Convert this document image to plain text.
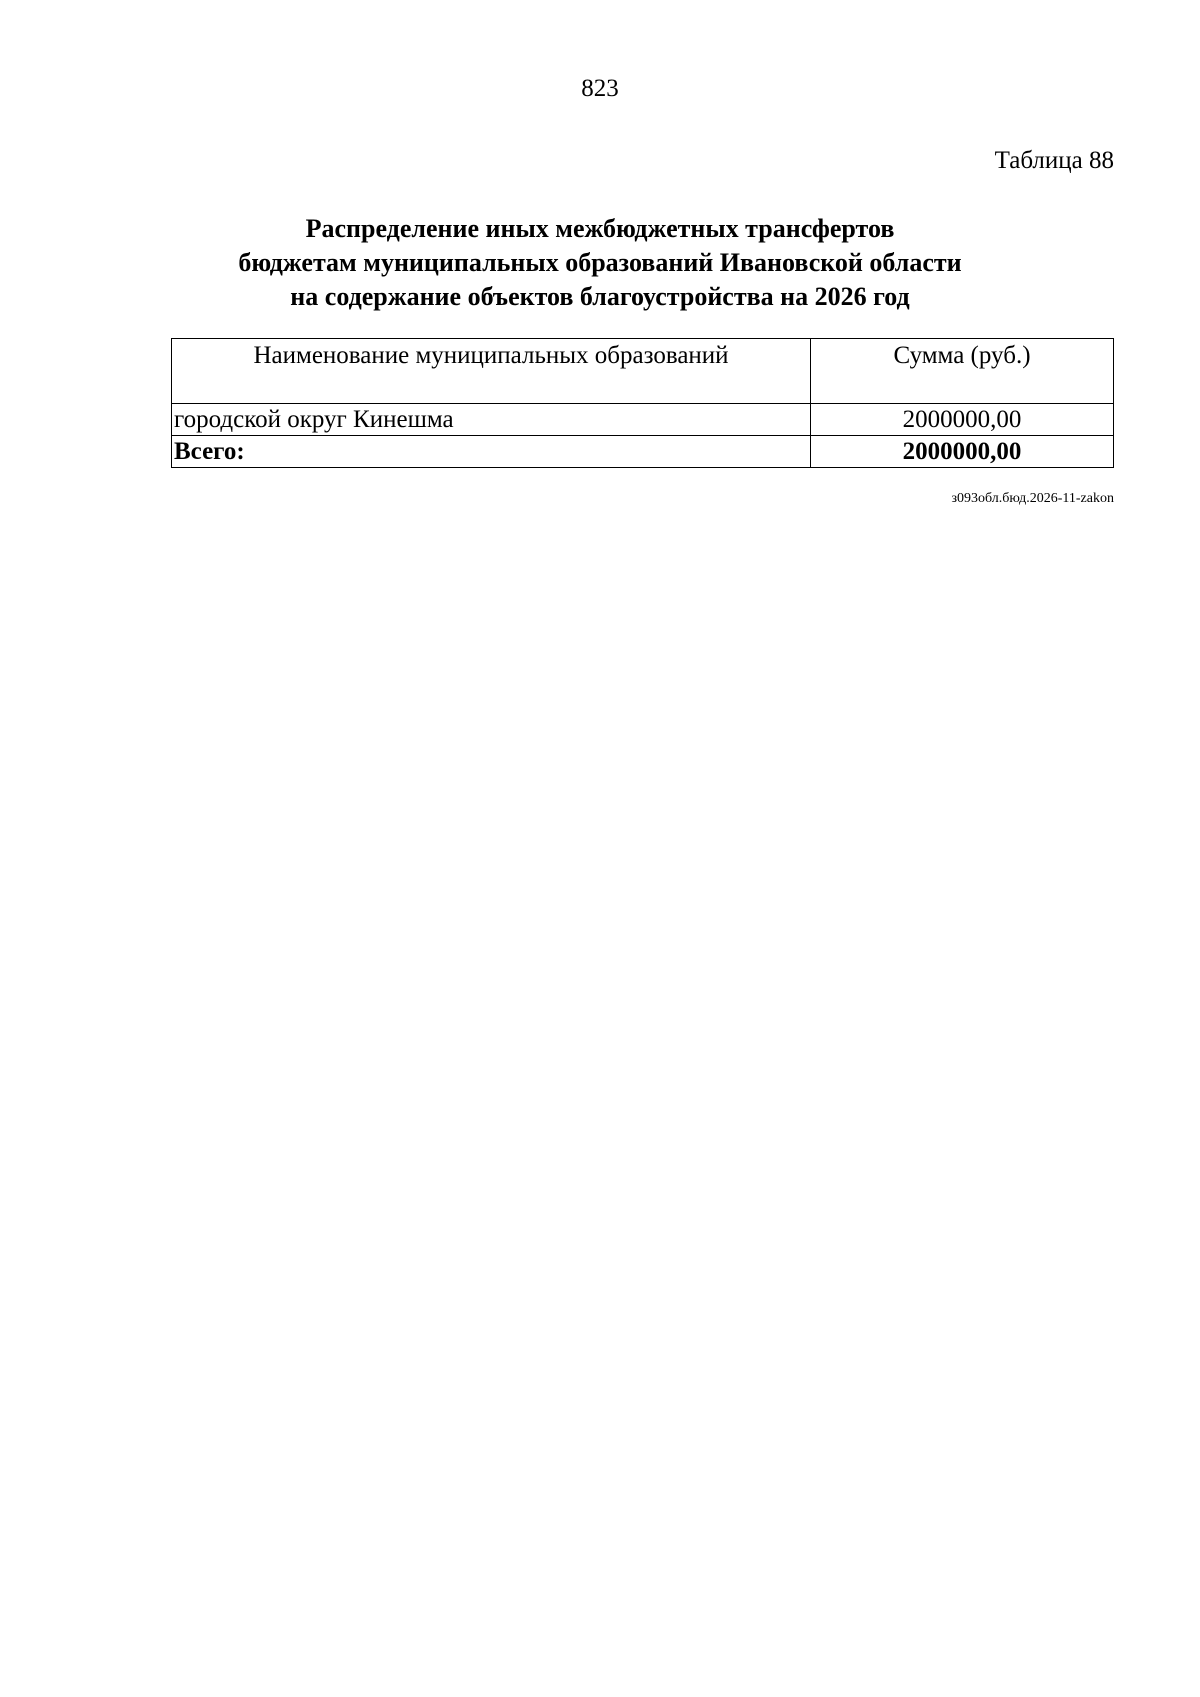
823
Таблица 88
Распределение иных межбюджетных трансфертов
бюджетам муниципальных образований Ивановской области
на содержание объектов благоустройства на 2026 год
Наименование муниципальных образований	Сумма (руб.)
городской округ Кинешма	2000000,00
Всего:	2000000,00
з093обл.бюд.2026-11-zakon
